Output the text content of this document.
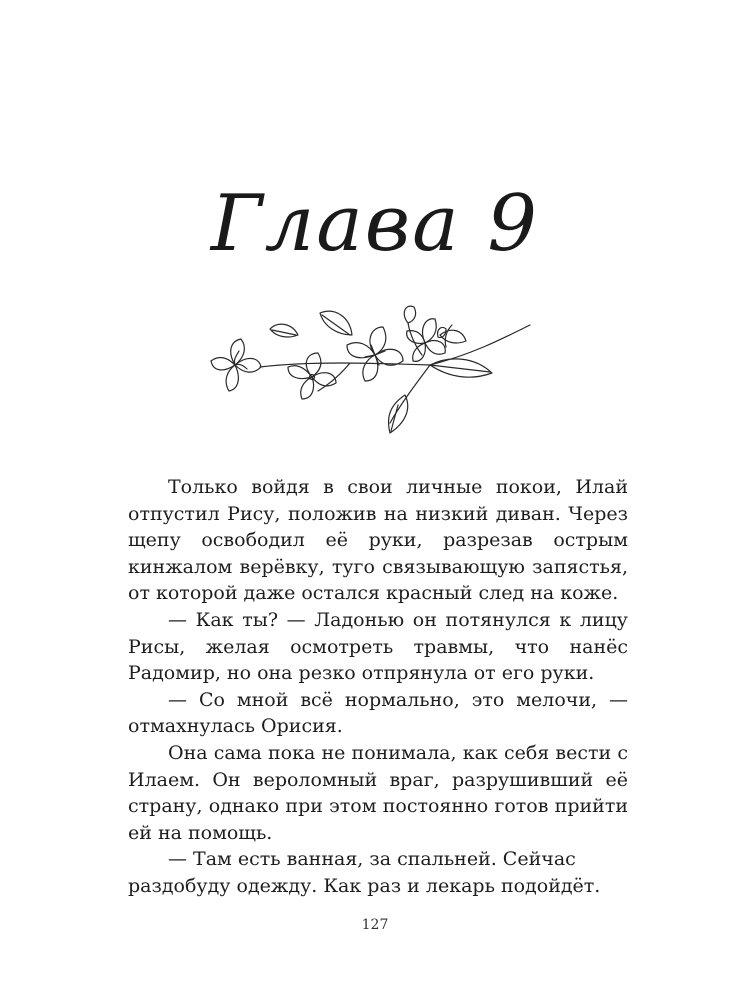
Глава 9

Только войдя в свои личные покои, Илай отпустил Рису, положив на низкий диван. Через щепу освободил её руки, разрезав острым кинжалом верёвку, туго связывающую запястья, от которой даже остался красный след на коже.

— Как ты? — Ладонью он потянулся к лицу Рисы, желая осмотреть травмы, что нанёс Радомир, но она резко отпрянула от его руки.

— Со мной всё нормально, это мелочи, — отмахнулась Орисия.

Она сама пока не понимала, как себя вести с Илаем. Он вероломный враг, разрушивший её страну, однако при этом постоянно готов прийти ей на помощь.

— Там есть ванная, за спальней. Сейчас раздобуду одежду. Как раз и лекарь подойдёт.

127
